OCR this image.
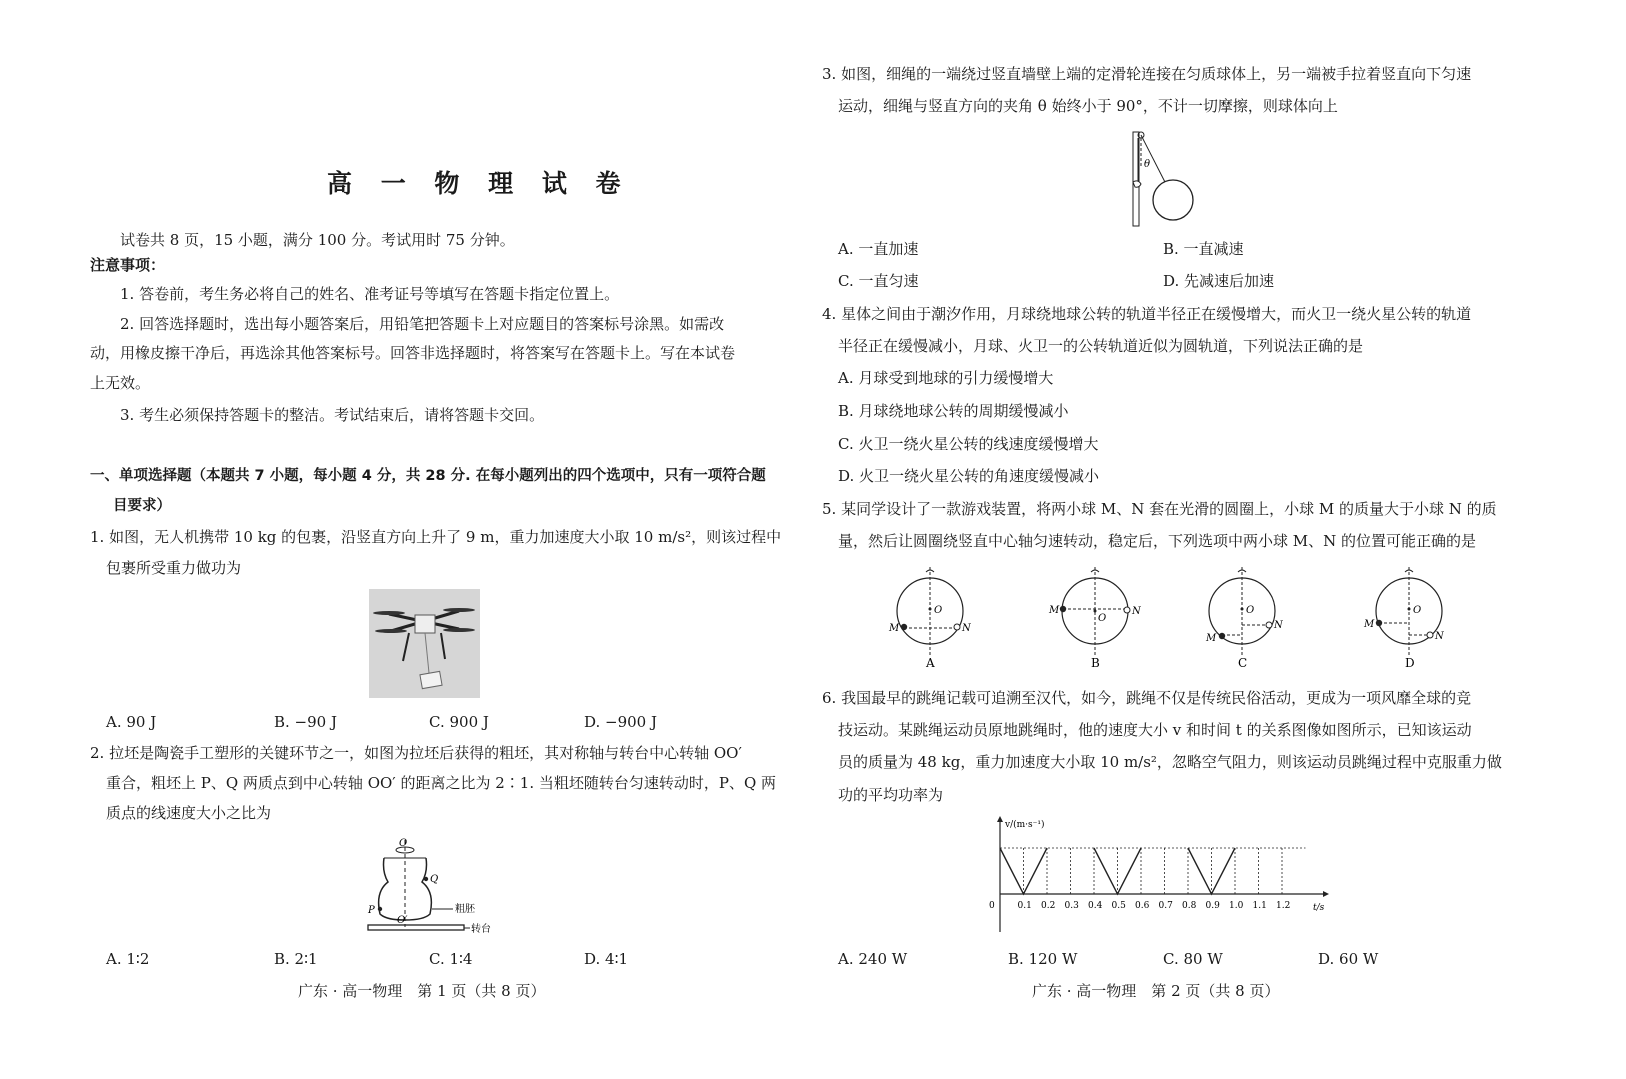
高 一 物 理 试 卷
试卷共 8 页，15 小题，满分 100 分。考试用时 75 分钟。
注意事项：
1. 答卷前，考生务必将自己的姓名、准考证号等填写在答题卡指定位置上。
2. 回答选择题时，选出每小题答案后，用铅笔把答题卡上对应题目的答案标号涂黑。如需改
动，用橡皮擦干净后，再选涂其他答案标号。回答非选择题时，将答案写在答题卡上。写在本试卷
上无效。
3. 考生必须保持答题卡的整洁。考试结束后，请将答题卡交回。
一、单项选择题（本题共 7 小题，每小题 4 分，共 28 分. 在每小题列出的四个选项中，只有一项符合题
目要求）
1. 如图，无人机携带 10 kg 的包裹，沿竖直方向上升了 9 m，重力加速度大小取 10 m/s²，则该过程中
包裹所受重力做功为
A. 90 J	B. −90 J	C. 900 J	D. −900 J
2. 拉坯是陶瓷手工塑形的关键环节之一，如图为拉坯后获得的粗坯，其对称轴与转台中心转轴 OO′
重合，粗坯上 P、Q 两质点到中心转轴 OO′ 的距离之比为 2∶1. 当粗坯随转台匀速转动时，P、Q 两
质点的线速度大小之比为
O
O′
P
Q
粗胚
转台
A. 1∶2	B. 2∶1	C. 1∶4	D. 4∶1
广东 · 高一物理　第 1 页（共 8 页）
3. 如图，细绳的一端绕过竖直墙壁上端的定滑轮连接在匀质球体上，另一端被手拉着竖直向下匀速
运动，细绳与竖直方向的夹角 θ 始终小于 90°，不计一切摩擦，则球体向上
θ
A. 一直加速	B. 一直减速
C. 一直匀速	D. 先减速后加速
4. 星体之间由于潮汐作用，月球绕地球公转的轨道半径正在缓慢增大，而火卫一绕火星公转的轨道
半径正在缓慢减小，月球、火卫一的公转轨道近似为圆轨道，下列说法正确的是
A. 月球受到地球的引力缓慢增大
B. 月球绕地球公转的周期缓慢减小
C. 火卫一绕火星公转的线速度缓慢增大
D. 火卫一绕火星公转的角速度缓慢减小
5. 某同学设计了一款游戏装置，将两小球 M、N 套在光滑的圆圈上，小球 M 的质量大于小球 N 的质
量，然后让圆圈绕竖直中心轴匀速转动，稳定后，下列选项中两小球 M、N 的位置可能正确的是
O
M	N
A
O
M	N
B
O
M
N
C
O
M
N
D
6. 我国最早的跳绳记载可追溯至汉代，如今，跳绳不仅是传统民俗活动，更成为一项风靡全球的竞
技运动。某跳绳运动员原地跳绳时，他的速度大小 v 和时间 t 的关系图像如图所示，已知该运动
员的质量为 48 kg，重力加速度大小取 10 m/s²，忽略空气阻力，则该运动员跳绳过程中克服重力做
功的平均功率为
v/(m·s⁻¹)
t/s
0	0.1 0.2 0.3 0.4 0.5 0.6 0.7 0.8 0.9 1.0 1.1 1.2
A. 240 W	B. 120 W	C. 80 W	D. 60 W
广东 · 高一物理　第 2 页（共 8 页）
